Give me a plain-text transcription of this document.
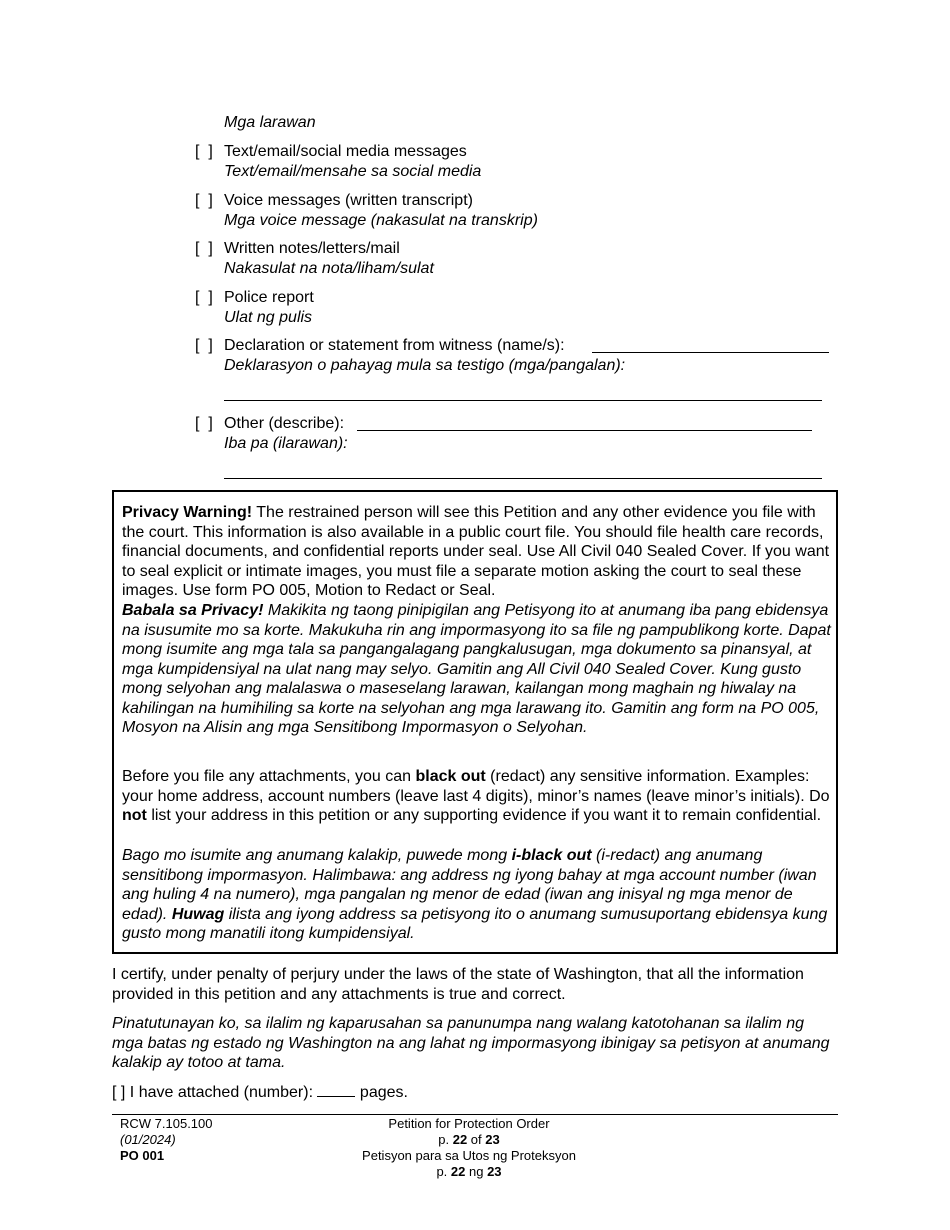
Mga larawan
[  ] Text/email/social media messages
Text/email/mensahe sa social media
[  ] Voice messages (written transcript)
Mga voice message (nakasulat na transkrip)
[  ] Written notes/letters/mail
Nakasulat na nota/liham/sulat
[  ] Police report
Ulat ng pulis
[  ] Declaration or statement from witness (name/s):
Deklarasyon o pahayag mula sa testigo (mga/pangalan):
[  ] Other (describe):
Iba pa (ilarawan):

Privacy Warning! The restrained person will see this Petition and any other evidence you file with the court. This information is also available in a public court file. You should file health care records, financial documents, and confidential reports under seal. Use All Civil 040 Sealed Cover. If you want to seal explicit or intimate images, you must file a separate motion asking the court to seal these images. Use form PO 005, Motion to Redact or Seal.

Babala sa Privacy! Makikita ng taong pinipigilan ang Petisyong ito at anumang iba pang ebidensya na isusumite mo sa korte. Makukuha rin ang impormasyong ito sa file ng pampublikong korte. Dapat mong isumite ang mga tala sa pangangalagang pangkalusugan, mga dokumento sa pinansyal, at mga kumpidensiyal na ulat nang may selyo. Gamitin ang All Civil 040 Sealed Cover. Kung gusto mong selyohan ang malalaswa o maseselang larawan, kailangan mong maghain ng hiwalay na kahilingan na humihiling sa korte na selyohan ang mga larawang ito. Gamitin ang form na PO 005, Mosyon na Alisin ang mga Sensitibong Impormasyon o Selyohan.

Before you file any attachments, you can black out (redact) any sensitive information. Examples: your home address, account numbers (leave last 4 digits), minor’s names (leave minor’s initials). Do not list your address in this petition or any supporting evidence if you want it to remain confidential.

Bago mo isumite ang anumang kalakip, puwede mong i-black out (i-redact) ang anumang sensitibong impormasyon. Halimbawa: ang address ng iyong bahay at mga account number (iwan ang huling 4 na numero), mga pangalan ng menor de edad (iwan ang inisyal ng mga menor de edad). Huwag ilista ang iyong address sa petisyong ito o anumang sumusuportang ebidensya kung gusto mong manatili itong kumpidensiyal.

I certify, under penalty of perjury under the laws of the state of Washington, that all the information provided in this petition and any attachments is true and correct.

Pinatutunayan ko, sa ilalim ng kaparusahan sa panunumpa nang walang katotohanan sa ilalim ng mga batas ng estado ng Washington na ang lahat ng impormasyong ibinigay sa petisyon at anumang kalakip ay totoo at tama.

[ ] I have attached (number):	pages.
RCW 7.105.100
(01/2024)
PO 001
Petition for Protection Order
p. 22 of 23
Petisyon para sa Utos ng Proteksyon
p. 22 ng 23
